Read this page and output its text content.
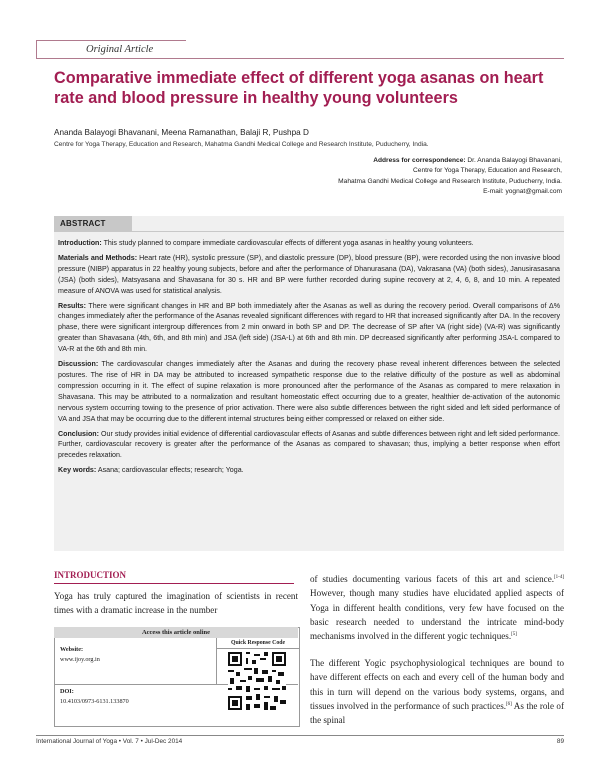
Original Article
Comparative immediate effect of different yoga asanas on heart rate and blood pressure in healthy young volunteers
Ananda Balayogi Bhavanani, Meena Ramanathan, Balaji R, Pushpa D
Centre for Yoga Therapy, Education and Research, Mahatma Gandhi Medical College and Research Institute, Puducherry, India.
Address for correspondence: Dr. Ananda Balayogi Bhavanani,
Centre for Yoga Therapy, Education and Research,
Mahatma Gandhi Medical College and Research Institute, Puducherry, India.
E-mail: yognat@gmail.com
ABSTRACT

Introduction: This study planned to compare immediate cardiovascular effects of different yoga asanas in healthy young volunteers.

Materials and Methods: Heart rate (HR), systolic pressure (SP), and diastolic pressure (DP), blood pressure (BP), were recorded using the non invasive blood pressure (NIBP) apparatus in 22 healthy young subjects, before and after the performance of Dhanurasana (DA), Vakrasana (VA) (both sides), Janusirasasana (JSA) (both sides), Matsyasana and Shavasana for 30 s. HR and BP were further recorded during supine recovery at 2, 4, 6, 8, and 10 min. A repeated measure of ANOVA was used for statistical analysis.

Results: There were significant changes in HR and BP both immediately after the Asanas as well as during the recovery period. Overall comparisons of Δ% changes immediately after the performance of the Asanas revealed significant differences with regard to HR that increased significantly after DA. In the recovery phase, there were significant intergroup differences from 2 min onward in both SP and DP. The decrease of SP after VA (right side) (VA-R) was significantly greater than Shavasana (4th, 6th, and 8th min) and JSA (left side) (JSA-L) at 6th and 8th min. DP decreased significantly after performing JSA-L compared to VA-R at the 6th and 8th min.

Discussion: The cardiovascular changes immediately after the Asanas and during the recovery phase reveal inherent differences between the selected postures. The rise of HR in DA may be attributed to increased sympathetic response due to the relative difficulty of the posture as well as abdominal compression occurring in it. The effect of supine relaxation is more pronounced after the performance of the Asanas as compared to mere relaxation in Shavasana. This may be attributed to a normalization and resultant homeostatic effect occurring due to a greater, healthier de-activation of the autonomic nervous system occurring towing to the presence of prior activation. There were also subtle differences between the right sided and left sided performance of VA and JSA that may be occurring due to the different internal structures being either compressed or relaxed on either side.

Conclusion: Our study provides initial evidence of differential cardiovascular effects of Asanas and subtle differences between right and left sided performance. Further, cardiovascular recovery is greater after the performance of the Asanas as compared to shavasan; thus, implying a better response when effort precedes relaxation.

Key words: Asana; cardiovascular effects; research; Yoga.

INTRODUCTION
Yoga has truly captured the imagination of scientists in recent times with a dramatic increase in the number
of studies documenting various facets of this art and science.[1-4] However, though many studies have elucidated applied aspects of Yoga in different health conditions, very few have focused on the basic research needed to understand the intricate mind-body mechanisms involved in the different yogic techniques.[5]
The different Yogic psychophysiological techniques are bound to have different effects on each and every cell of the human body and this in turn will depend on the various body systems, organs, and tissues involved in the performance of such practices.[6] As the role of the spinal
Access this article online
Quick Response Code
Website:
www.ijoy.org.in
DOI:
10.4103/0973-6131.133870
International Journal of Yoga • Vol. 7 • Jul-Dec 2014	89
